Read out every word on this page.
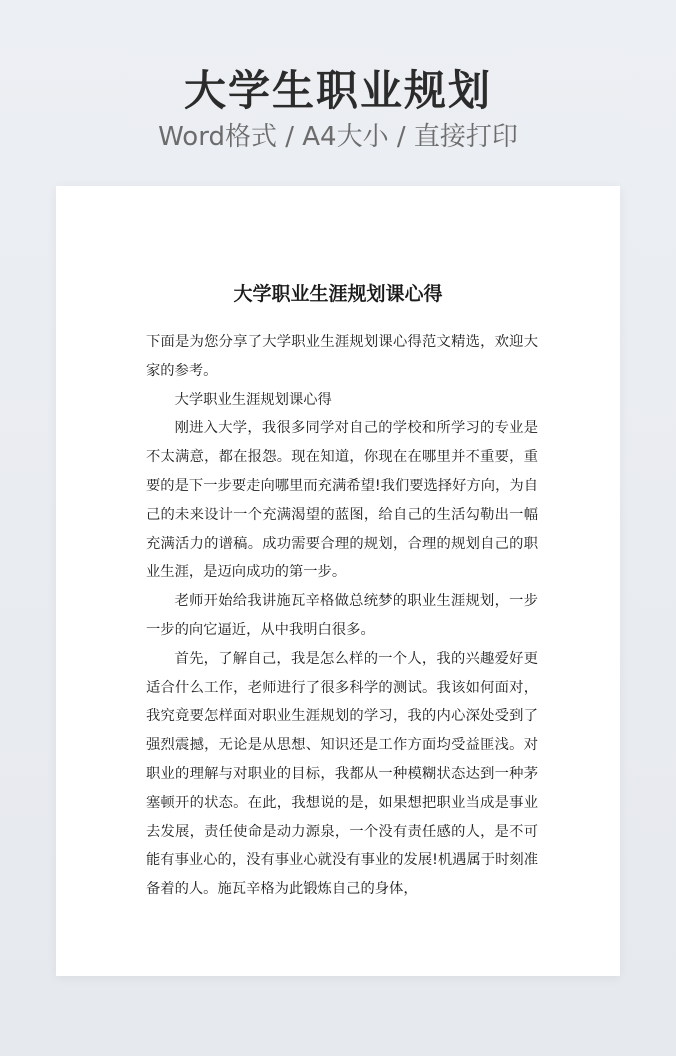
大学生职业规划
Word格式 / A4大小 / 直接打印
大学职业生涯规划课心得

下面是为您分享了大学职业生涯规划课心得范文精选，欢迎大家的参考。

大学职业生涯规划课心得

刚进入大学，我很多同学对自己的学校和所学习的专业是不太满意，都在报怨。现在知道，你现在在哪里并不重要，重要的是下一步要走向哪里而充满希望!我们要选择好方向，为自己的未来设计一个充满渴望的蓝图，给自己的生活勾勒出一幅充满活力的谱稿。成功需要合理的规划，合理的规划自己的职业生涯，是迈向成功的第一步。

老师开始给我讲施瓦辛格做总统梦的职业生涯规划，一步一步的向它逼近，从中我明白很多。

首先，了解自己，我是怎么样的一个人，我的兴趣爱好更适合什么工作，老师进行了很多科学的测试。我该如何面对，我究竟要怎样面对职业生涯规划的学习，我的内心深处受到了强烈震撼，无论是从思想、知识还是工作方面均受益匪浅。对职业的理解与对职业的目标，我都从一种模糊状态达到一种茅塞顿开的状态。在此，我想说的是，如果想把职业当成是事业去发展，责任使命是动力源泉，一个没有责任感的人，是不可能有事业心的，没有事业心就没有事业的发展!机遇属于时刻准备着的人。施瓦辛格为此锻炼自己的身体，
